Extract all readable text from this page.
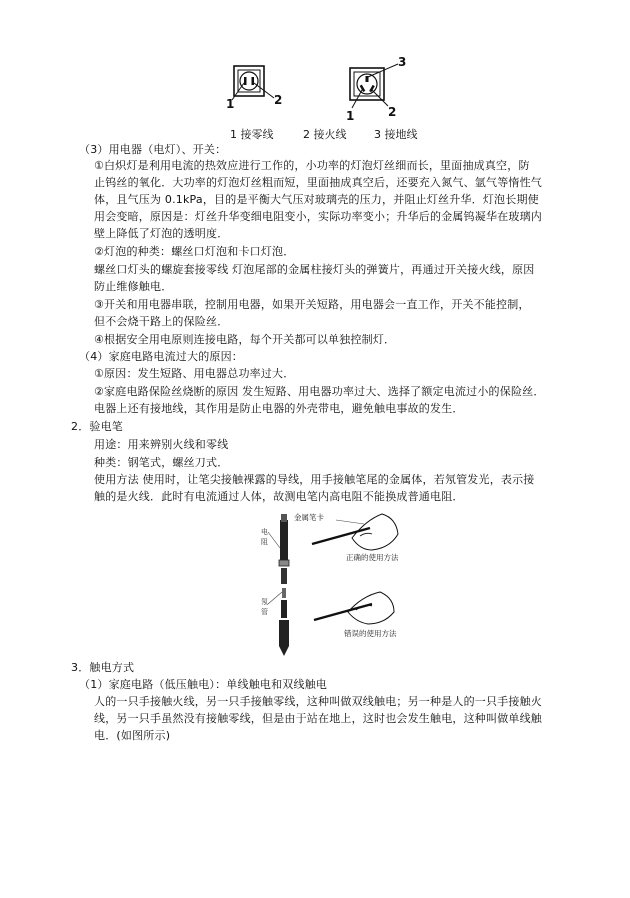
1	2
3
1	2
1 接零线	2 接火线	3 接地线
（3）用电器（电灯）、开关：
①白炽灯是利用电流的热效应进行工作的，小功率的灯泡灯丝细而长，里面抽成真空，防
止钨丝的氧化．大功率的灯泡灯丝粗而短，里面抽成真空后，还要充入氮气、氩气等惰性气
体，且气压为 0.1kPa，目的是平衡大气压对玻璃壳的压力，并阻止灯丝升华．灯泡长期使
用会变暗，原因是：灯丝升华变细电阻变小，实际功率变小；升华后的金属钨凝华在玻璃内
壁上降低了灯泡的透明度．
②灯泡的种类：螺丝口灯泡和卡口灯泡．
螺丝口灯头的螺旋套接零线 灯泡尾部的金属柱接灯头的弹簧片，再通过开关接火线，原因
防止维修触电．
③开关和用电器串联，控制用电器，如果开关短路，用电器会一直工作，开关不能控制，
但不会烧干路上的保险丝．
④根据安全用电原则连接电路，每个开关都可以单独控制灯．
（4）家庭电路电流过大的原因：
①原因：发生短路、用电器总功率过大．
②家庭电路保险丝烧断的原因 发生短路、用电器功率过大、选择了额定电流过小的保险丝．
电器上还有接地线，其作用是防止电器的外壳带电，避免触电事故的发生．
2．验电笔
用途：用来辨别火线和零线
种类：钢笔式，螺丝刀式．
使用方法 使用时，让笔尖接触裸露的导线，用手接触笔尾的金属体，若氖管发光，表示接
触的是火线．此时有电流通过人体，故测电笔内高电阻不能换成普通电阻．
电
阻
氖
管
金属笔卡
正确的使用方法
错误的使用方法
3．触电方式
（1）家庭电路（低压触电）：单线触电和双线触电
人的一只手接触火线，另一只手接触零线，这种叫做双线触电；另一种是人的一只手接触火
线，另一只手虽然没有接触零线，但是由于站在地上，这时也会发生触电，这种叫做单线触
电．(如图所示)
